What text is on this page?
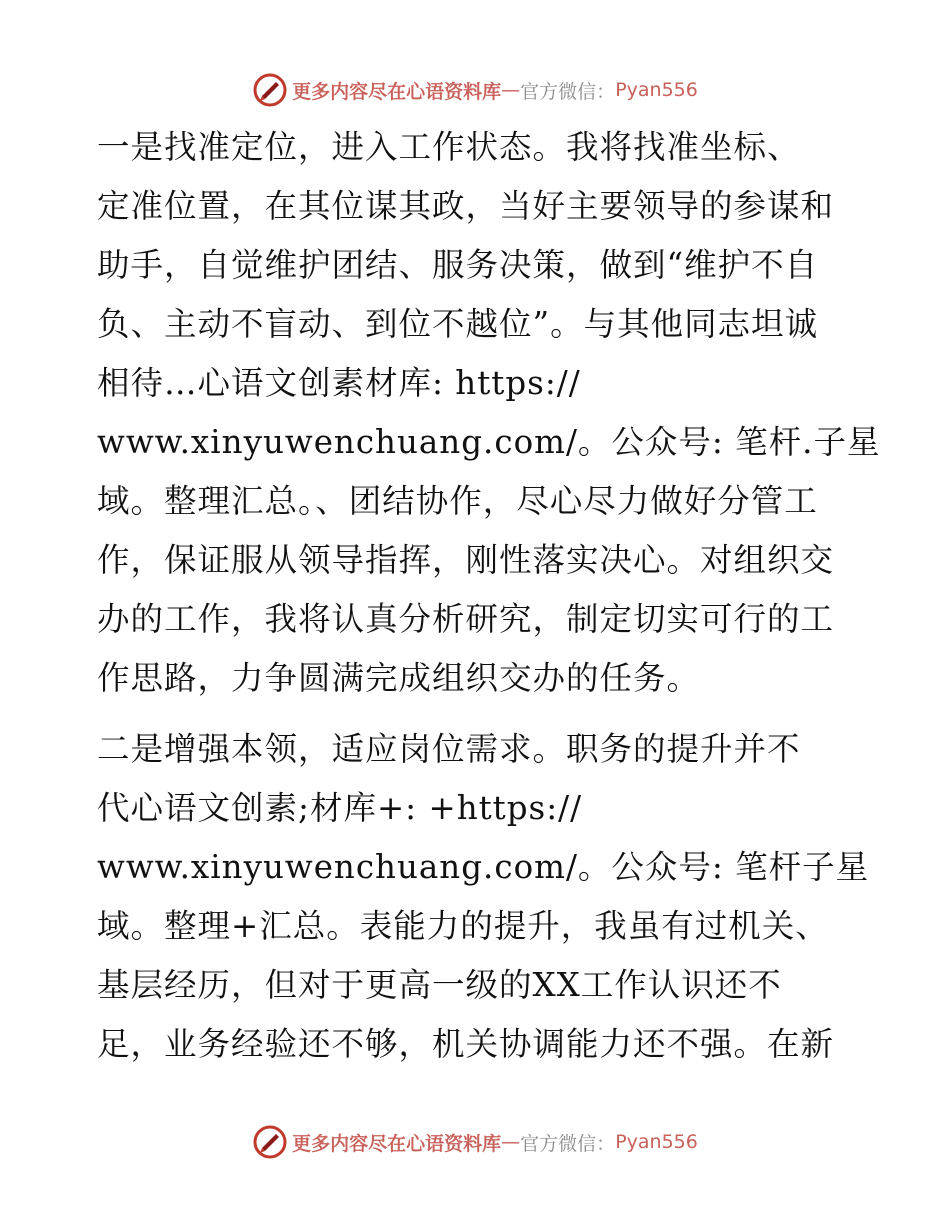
更多内容尽在心语资料库 — 官方微信： Pyan556
一是找准定位，进入工作状态。我将找准坐标、
定准位置，在其位谋其政，当好主要领导的参谋和
助手，自觉维护团结、服务决策，做到“维护不自
负、主动不盲动、到位不越位”。与其他同志坦诚
相待…心语文创素材库: https://
www.xinyuwenchuang.com/。公众号: 笔杆.子星
域。整理汇总。、团结协作，尽心尽力做好分管工
作，保证服从领导指挥，刚性落实决心。对组织交
办的工作，我将认真分析研究，制定切实可行的工
作思路，力争圆满完成组织交办的任务。
二是增强本领，适应岗位需求。职务的提升并不
代心语文创素;材库+: +https://
www.xinyuwenchuang.com/。公众号: 笔杆子星
域。整理+汇总。表能力的提升，我虽有过机关、
基层经历，但对于更高一级的XX工作认识还不
足，业务经验还不够，机关协调能力还不强。在新
更多内容尽在心语资料库 — 官方微信： Pyan556
